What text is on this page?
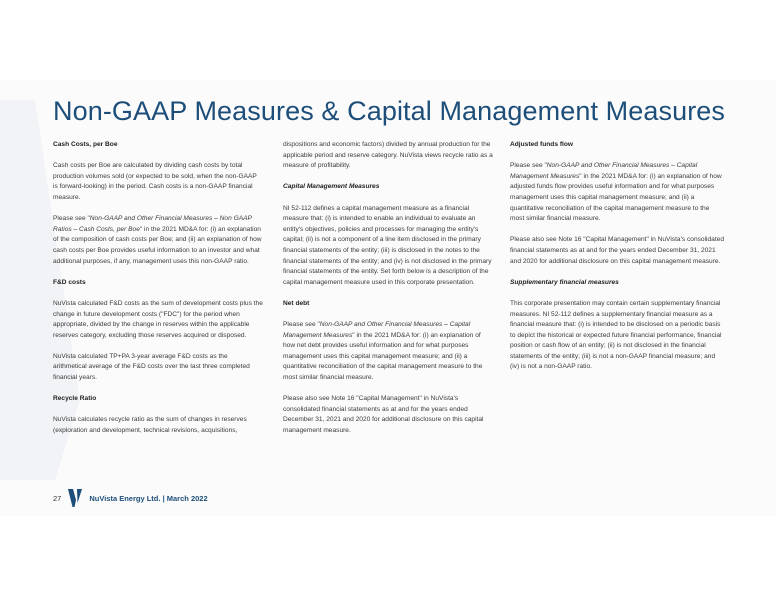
Non-GAAP Measures & Capital Management Measures

Cash Costs, per Boe

Cash costs per Boe are calculated by dividing cash costs by total production volumes sold (or expected to be sold, when the non-GAAP is forward-looking) in the period. Cash costs is a non-GAAP financial measure.

Please see "Non-GAAP and Other Financial Measures – Non GAAP Ratios – Cash Costs, per Boe" in the 2021 MD&A for: (i) an explanation of the composition of cash costs per Boe; and (ii) an explanation of how cash costs per Boe provides useful information to an investor and what additional purposes, if any, management uses this non-GAAP ratio.

F&D costs

NuVista calculated F&D costs as the sum of development costs plus the change in future development costs ("FDC") for the period when appropriate, divided by the change in reserves within the applicable reserves category, excluding those reserves acquired or disposed.

NuVista calculated TP+PA 3-year average F&D costs as the arithmetical average of the F&D costs over the last three completed financial years.

Recycle Ratio

NuVista calculates recycle ratio as the sum of changes in reserves (exploration and development, technical revisions, acquisitions,

dispositions and economic factors) divided by annual production for the applicable period and reserve category. NuVista views recycle ratio as a measure of profitability.

Capital Management Measures

NI 52-112 defines a capital management measure as a financial measure that: (i) is intended to enable an individual to evaluate an entity's objectives, policies and processes for managing the entity's capital; (ii) is not a component of a line item disclosed in the primary financial statements of the entity; (iii) is disclosed in the notes to the financial statements of the entity; and (iv) is not disclosed in the primary financial statements of the entity. Set forth below is a description of the capital management measure used in this corporate presentation.

Net debt

Please see "Non-GAAP and Other Financial Measures – Capital Management Measures" in the 2021 MD&A for: (i) an explanation of how net debt provides useful information and for what purposes management uses this capital management measure; and (ii) a quantitative reconciliation of the capital management measure to the most similar financial measure.

Please also see Note 16 "Capital Management" in NuVista's consolidated financial statements as at and for the years ended December 31, 2021 and 2020 for additional disclosure on this capital management measure.

Adjusted funds flow

Please see "Non-GAAP and Other Financial Measures – Capital Management Measures" in the 2021 MD&A for: (i) an explanation of how adjusted funds flow provides useful information and for what purposes management uses this capital management measure; and (ii) a quantitative reconciliation of the capital management measure to the most similar financial measure.

Please also see Note 16 "Capital Management" in NuVista's consolidated financial statements as at and for the years ended December 31, 2021 and 2020 for additional disclosure on this capital management measure.

Supplementary financial measures

This corporate presentation may contain certain supplementary financial measures. NI 52-112 defines a supplementary financial measure as a financial measure that: (i) is intended to be disclosed on a periodic basis to depict the historical or expected future financial performance, financial position or cash flow of an entity; (ii) is not disclosed in the financial statements of the entity; (iii) is not a non-GAAP financial measure; and (iv) is not a non-GAAP ratio.

27	NuVista Energy Ltd. | March 2022
